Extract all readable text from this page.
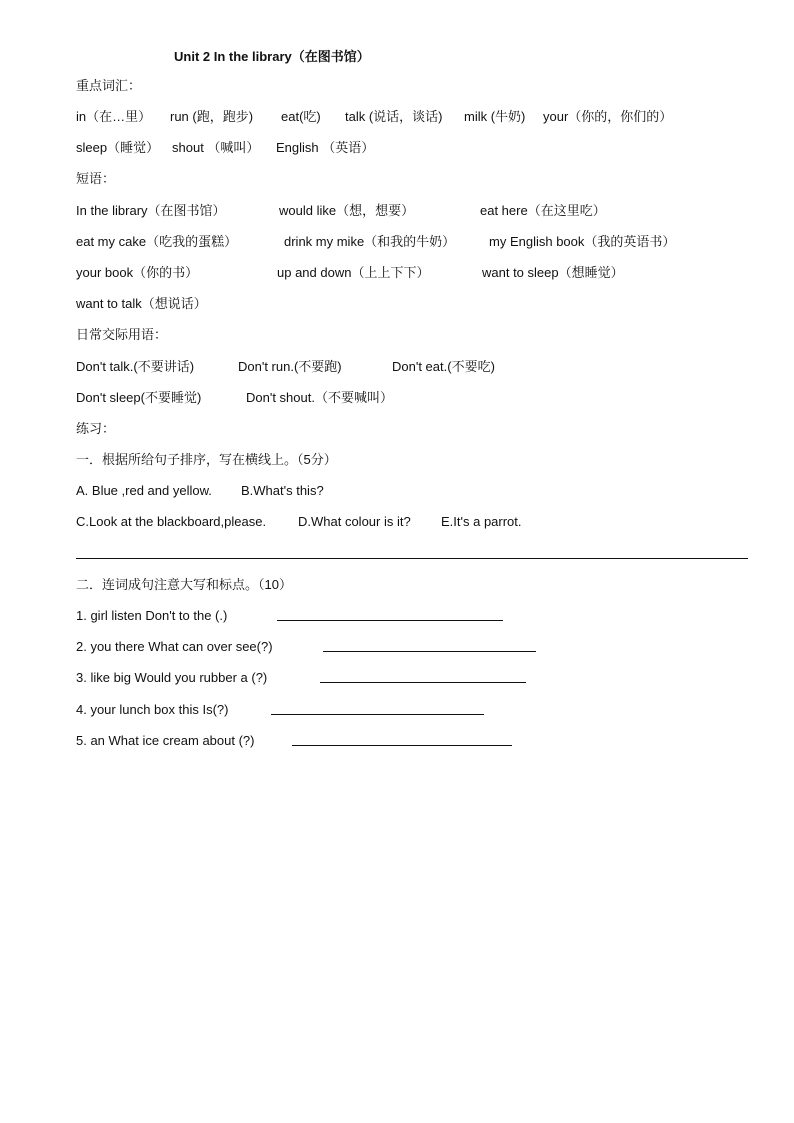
Unit 2 In the library（在图书馆）
重点词汇：
in（在…里） run (跑，跑步) eat(吃) talk (说话，谈话) milk (牛奶) your（你的，你们的）
sleep（睡觉） shout （喊叫） English （英语）
短语：
In the library（在图书馆）	would like（想，想要）	eat here（在这里吃）
eat my cake（吃我的蛋糕）	drink my mike（和我的牛奶）	my English book（我的英语书）
your book（你的书）	up and down（上上下下）	want to sleep（想睡觉）
want to talk（想说话）
日常交际用语：
Don't talk.(不要讲话)	Don't run.(不要跑)	Don't eat.(不要吃)
Don't sleep(不要睡觉)	Don't shout.（不要喊叫）
练习：
一．根据所给句子排序，写在横线上。（5分）
A. Blue ,red and yellow. B.What's this?
C.Look at the blackboard,please. D.What colour is it? E.It's a parrot.
二．连词成句注意大写和标点。（10）
1. girl listen Don't to the (.)
2. you there What can over see(?)
3. like big Would you rubber a (?)
4. your lunch box this Is(?)
5. an What ice cream about (?)
